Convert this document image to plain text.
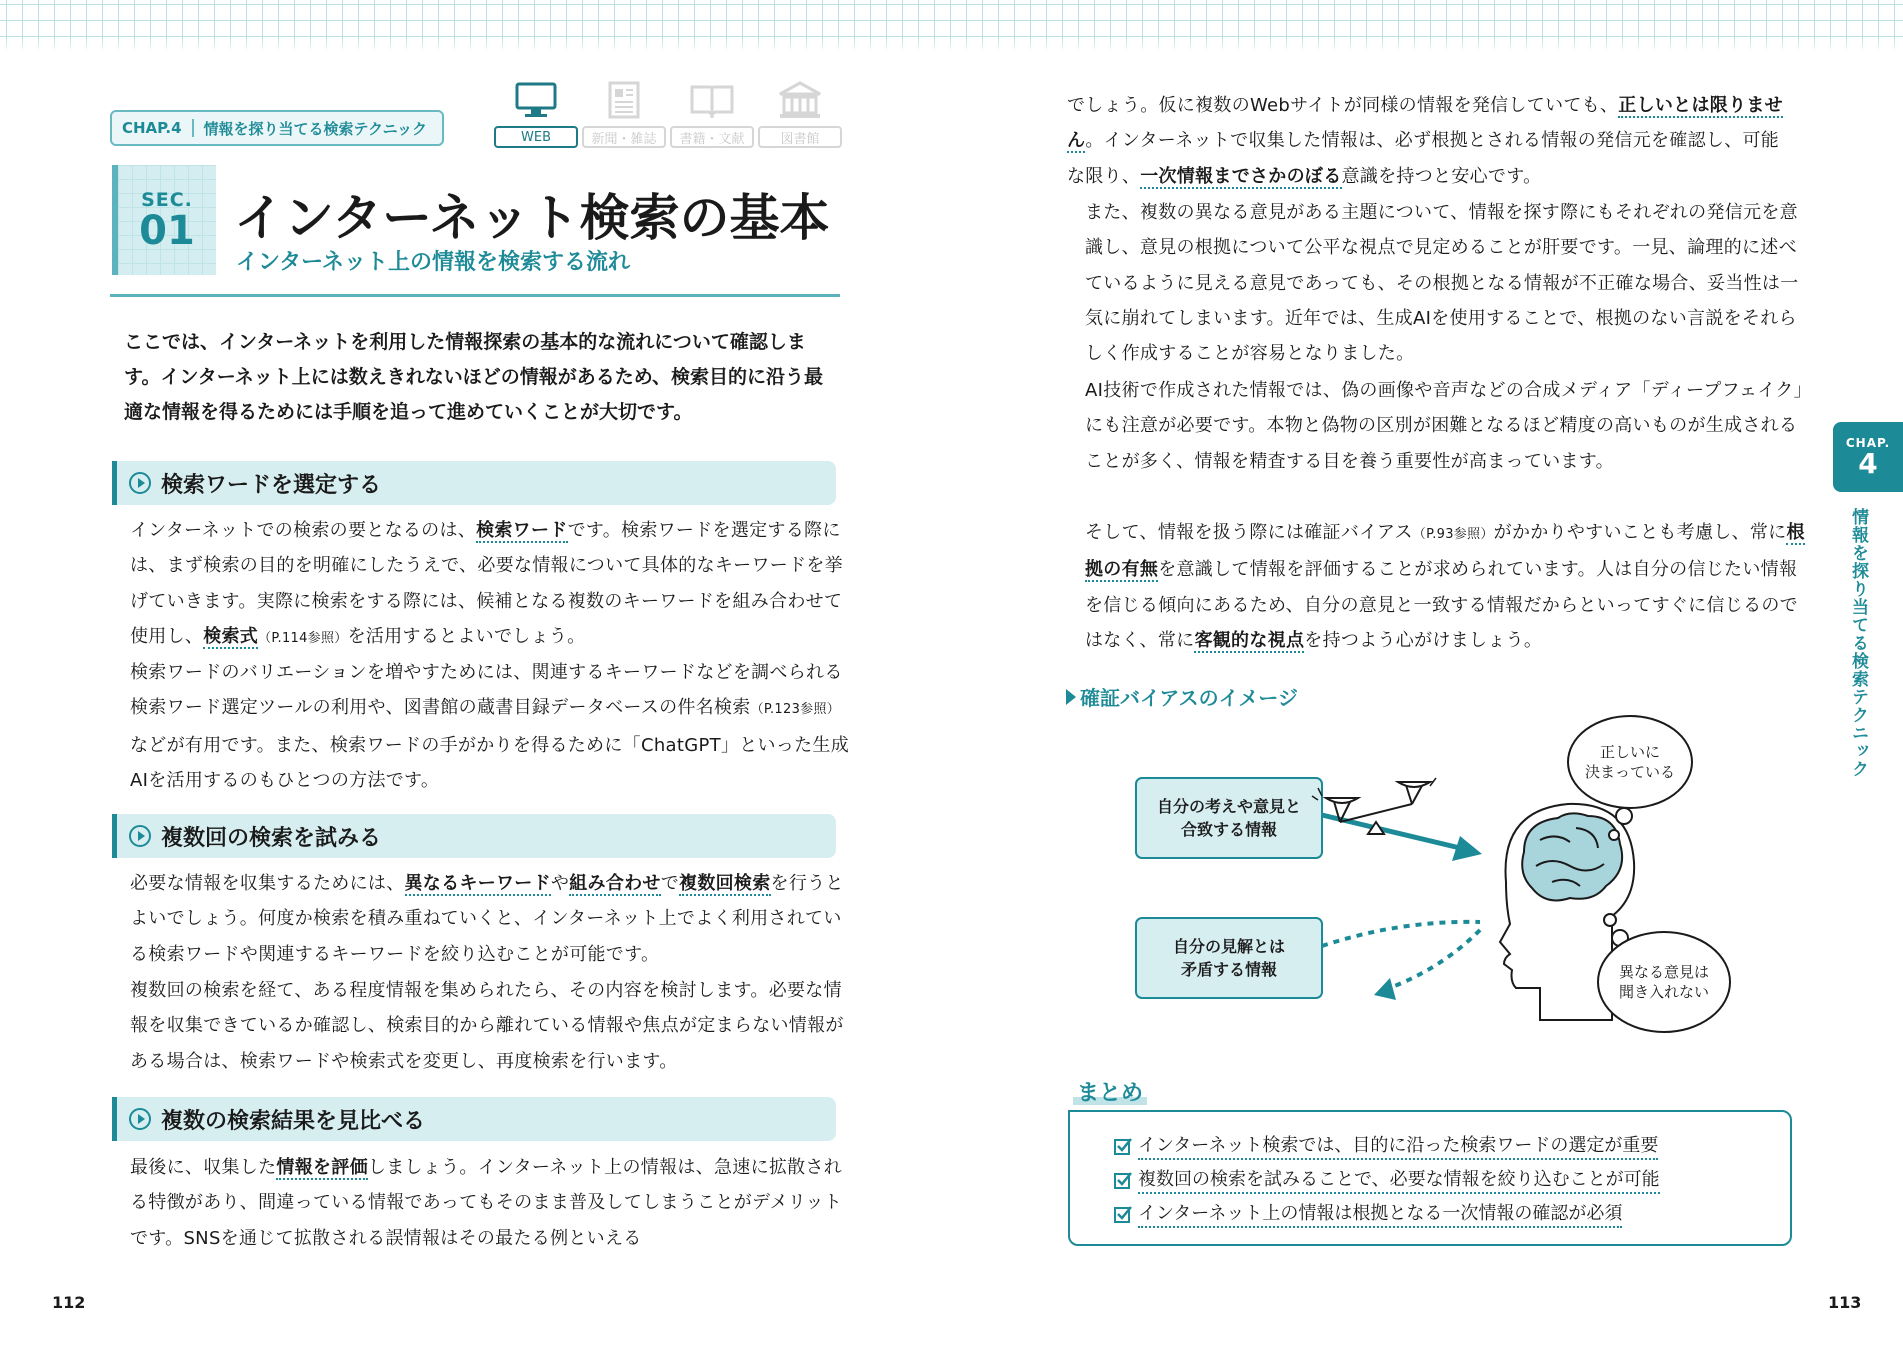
CHAP.4 情報を探り当てる検索テクニック	WEB	新聞・雑誌	書籍・文献	図書館
SEC.
01 インターネット検索の基本
インターネット上の情報を検索する流れ

ここでは、インターネットを利用した情報探索の基本的な流れについて確認します。インターネット上には数えきれないほどの情報があるため、検索目的に沿う最適な情報を得るためには手順を追って進めていくことが大切です。

検索ワードを選定する

インターネットでの検索の要となるのは、検索ワードです。検索ワードを選定する際には、まず検索の目的を明確にしたうえで、必要な情報について具体的なキーワードを挙げていきます。実際に検索をする際には、候補となる複数のキーワードを組み合わせて使用し、検索式（P.114参照）を活用するとよいでしょう。

検索ワードのバリエーションを増やすためには、関連するキーワードなどを調べられる検索ワード選定ツールの利用や、図書館の蔵書目録データベースの件名検索（P.123参照）などが有用です。また、検索ワードの手がかりを得るために「ChatGPT」といった生成AIを活用するのもひとつの方法です。

複数回の検索を試みる

必要な情報を収集するためには、異なるキーワードや組み合わせで複数回検索を行うとよいでしょう。何度か検索を積み重ねていくと、インターネット上でよく利用されている検索ワードや関連するキーワードを絞り込むことが可能です。

複数回の検索を経て、ある程度情報を集められたら、その内容を検討します。必要な情報を収集できているか確認し、検索目的から離れている情報や焦点が定まらない情報がある場合は、検索ワードや検索式を変更し、再度検索を行います。

複数の検索結果を見比べる

最後に、収集した情報を評価しましょう。インターネット上の情報は、急速に拡散される特徴があり、間違っている情報であってもそのまま普及してしまうことがデメリットです。SNSを通じて拡散される誤情報はその最たる例といえる

112

でしょう。仮に複数のWebサイトが同様の情報を発信していても、正しいとは限りません。インターネットで収集した情報は、必ず根拠とされる情報の発信元を確認し、可能な限り、一次情報までさかのぼる意識を持つと安心です。

また、複数の異なる意見がある主題について、情報を探す際にもそれぞれの発信元を意識し、意見の根拠について公平な視点で見定めることが肝要です。一見、論理的に述べているように見える意見であっても、その根拠となる情報が不正確な場合、妥当性は一気に崩れてしまいます。近年では、生成AIを使用することで、根拠のない言説をそれらしく作成することが容易となりました。

AI技術で作成された情報では、偽の画像や音声などの合成メディア「ディープフェイク」にも注意が必要です。本物と偽物の区別が困難となるほど精度の高いものが生成されることが多く、情報を精査する目を養う重要性が高まっています。

そして、情報を扱う際には確証バイアス（P.93参照）がかかりやすいことも考慮し、常に根拠の有無を意識して情報を評価することが求められています。人は自分の信じたい情報を信じる傾向にあるため、自分の意見と一致する情報だからといってすぐに信じるのではなく、常に客観的な視点を持つよう心がけましょう。

CHAP.
4
情報を探り当てる検索テクニック
確証バイアスのイメージ
自分の考えや意見と
合致する情報
自分の見解とは
矛盾する情報
正しいに
決まっている
異なる意見は
聞き入れない
まとめ
インターネット検索では、目的に沿った検索ワードの選定が重要
複数回の検索を試みることで、必要な情報を絞り込むことが可能
インターネット上の情報は根拠となる一次情報の確認が必須
113
